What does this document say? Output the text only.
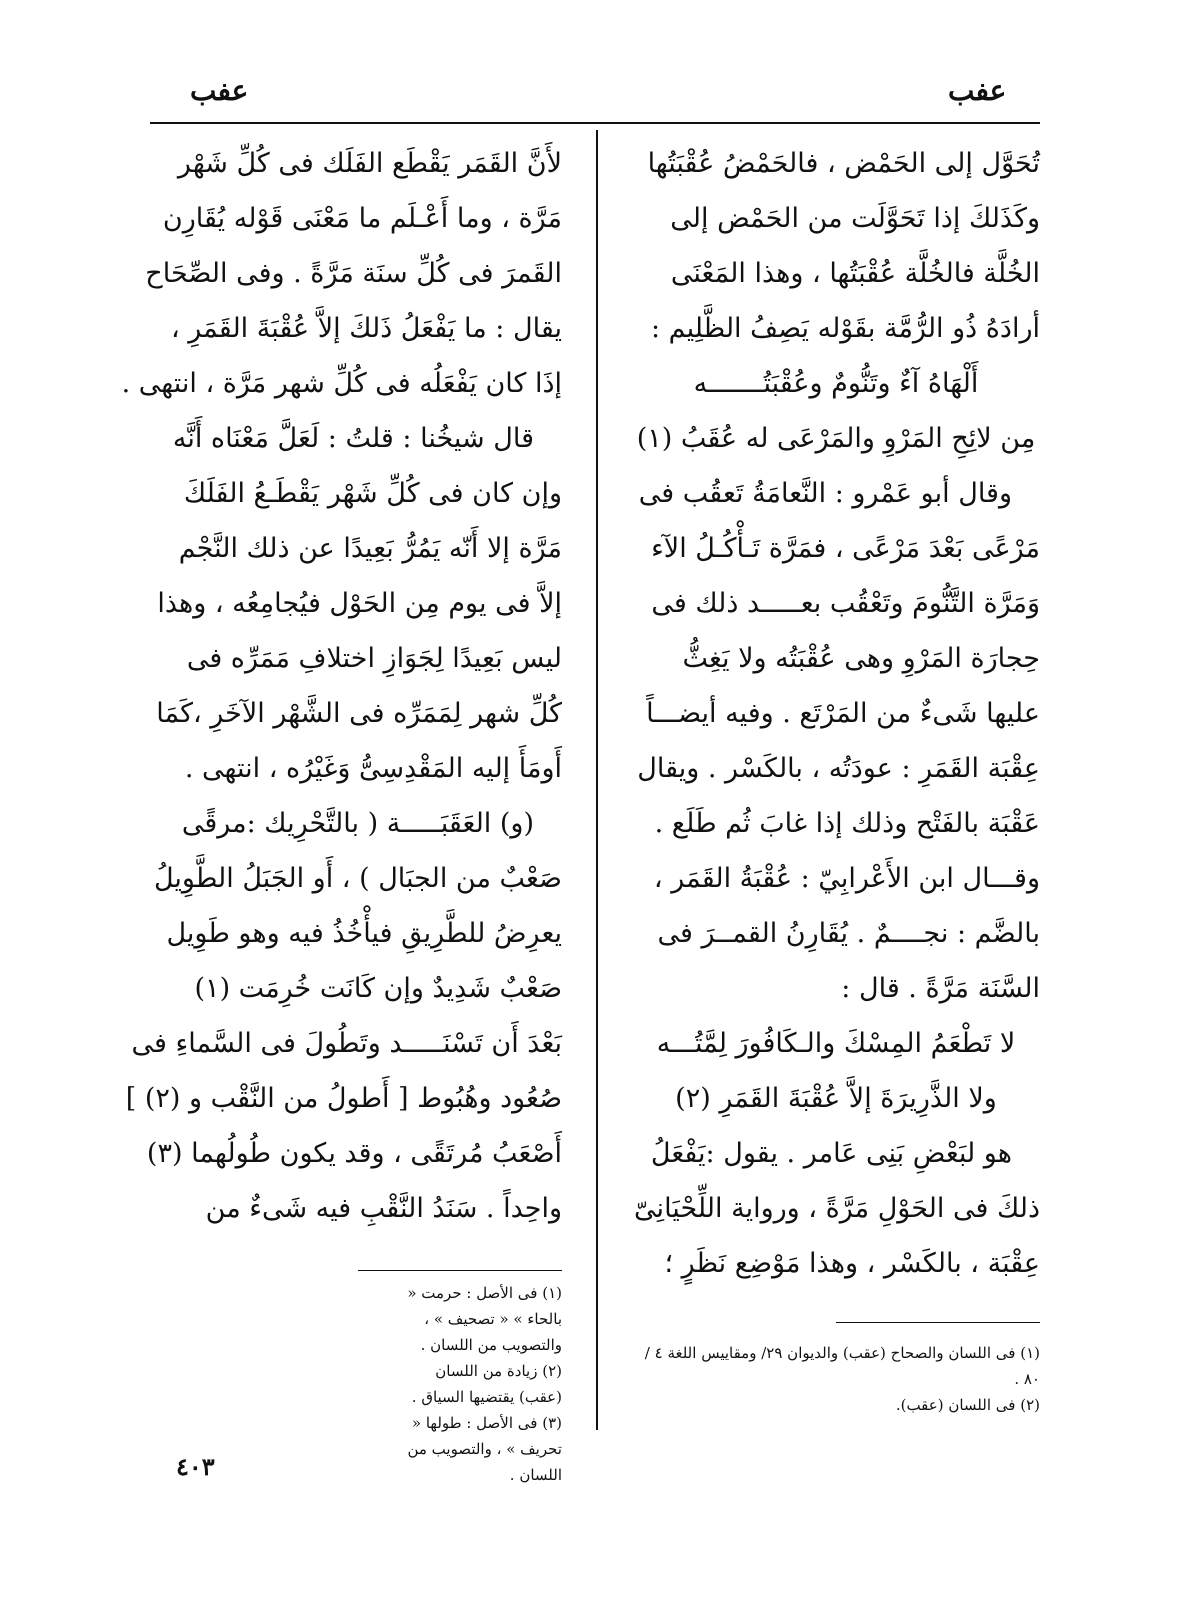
عفب
عفب
تُحَوَّل إلى الحَمْض ، فالحَمْضُ عُقْبَتُها
وكَذَلكَ إذا تَحَوَّلَت من الحَمْض إلى
الخُلَّة فالخُلَّة عُقْبَتُها ، وهذا المَعْنَى
أرادَهُ ذُو الرُّمَّة بقَوْله يَصِفُ الظَّلِيم :
أَلْهَاهُ آءٌ وتَنُّومٌ وعُقْبَتُـــــــه
مِن لائِحِ المَرْوِ والمَرْعَى له عُقَبُ (١)
وقال أبو عَمْرو : النَّعامَةُ تَعقُب فى
مَرْعًى بَعْدَ مَرْعًى ، فمَرَّة تَـأْكُـلُ الآء
وَمَرَّة التَّنُّومَ وتَعْقُب بعـــــد ذلك فى
حِجارَة المَرْوِ وهى عُقْبَتُه ولا يَغِثُّ
عليها شَىءٌ من المَرْتَع . وفيه أيضـــاً
عِقْبَة القَمَرِ : عودَتُه ، بالكَسْر . ويقال
عَقْبَة بالفَتْح وذلك إذا غابَ ثُم طَلَع .
وقـــال ابن الأَعْرابِيّ : عُقْبَةُ القَمَر ،
بالضَّم : نجــــمٌ . يُقَارِنُ القمــرَ فى
السَّنَة مَرَّةً . قال :
لا تَطْعَمُ المِسْكَ والـكَافُورَ لِمَّتُـــه
ولا الذَّرِيرَةَ إلاَّ عُقْبَةَ القَمَرِ (٢)
هو لبَعْضِ بَنِى عَامر . يقول :يَفْعَلُ
ذلكَ فى الحَوْلِ مَرَّةً ، ورواية اللِّحْيَانِىّ
عِقْبَة ، بالكَسْر ، وهذا مَوْضِع نَظَرٍ ؛
لأَنَّ القَمَر يَقْطَع الفَلَك فى كُلِّ شَهْر
مَرَّة ، وما أَعْـلَم ما مَعْنَى قَوْله يُقَارِن
القَمرَ فى كُلِّ سنَة مَرَّةً . وفى الصِّحَاح
يقال : ما يَفْعَلُ ذَلكَ إلاَّ عُقْبَةَ القَمَرِ ،
إذَا كان يَفْعَلُه فى كُلِّ شهر مَرَّة ، انتهى .
قال شيخُنا : قلتُ : لَعَلَّ مَعْنَاه أَنَّه
وإن كان فى كُلِّ شَهْر يَقْطَـعُ الفَلَكَ
مَرَّة إلا أَنّه يَمُرُّ بَعِيدًا عن ذلك النَّجْم
إلاَّ فى يوم مِن الحَوْل فيُجامِعُه ، وهذا
ليس بَعِيدًا لِجَوَازِ اختلافِ مَمَرِّه فى
كُلِّ شهر لِمَمَرِّه فى الشَّهْر الآخَرِ ،كَمَا
أَومَأَ إليه المَقْدِسِىُّ وَغَيْرُه ، انتهى .
(و) العَقَبَـــــة ( بالتَّحْرِيك :مرقًى
صَعْبٌ من الجبَال ) ، أَو الجَبَلُ الطَّوِيلُ
يعرِضُ للطَّرِيقِ فيأْخُذُ فيه وهو طَوِيل
صَعْبٌ شَدِيدٌ وإن كَانَت خُرِمَت (١)
بَعْدَ أَن تَسْنَـــــد وتَطُولَ فى السَّماءِ فى
صُعُود وهُبُوط [ أَطولُ من النَّقْب و (٢) ]
أَصْعَبُ مُرتَقًى ، وقد يكون طُولُهما (٣)
واحِداً . سَنَدُ النَّقْبِ فيه شَىءٌ من
(١) فى اللسان والصحاح (عقب) والديوان ٢٩/ ومقاييس اللغة ٤ / ٨٠ .
(٢) فى اللسان (عقب).
(١) فى الأصل : حرمت « بالحاء » « تصحيف » ، والتصويب من اللسان .
(٢) زيادة من اللسان (عقب) يقتضيها السياق .
(٣) فى الأصل : طولها « تحريف » ، والتصويب من اللسان .
٤٠٣
